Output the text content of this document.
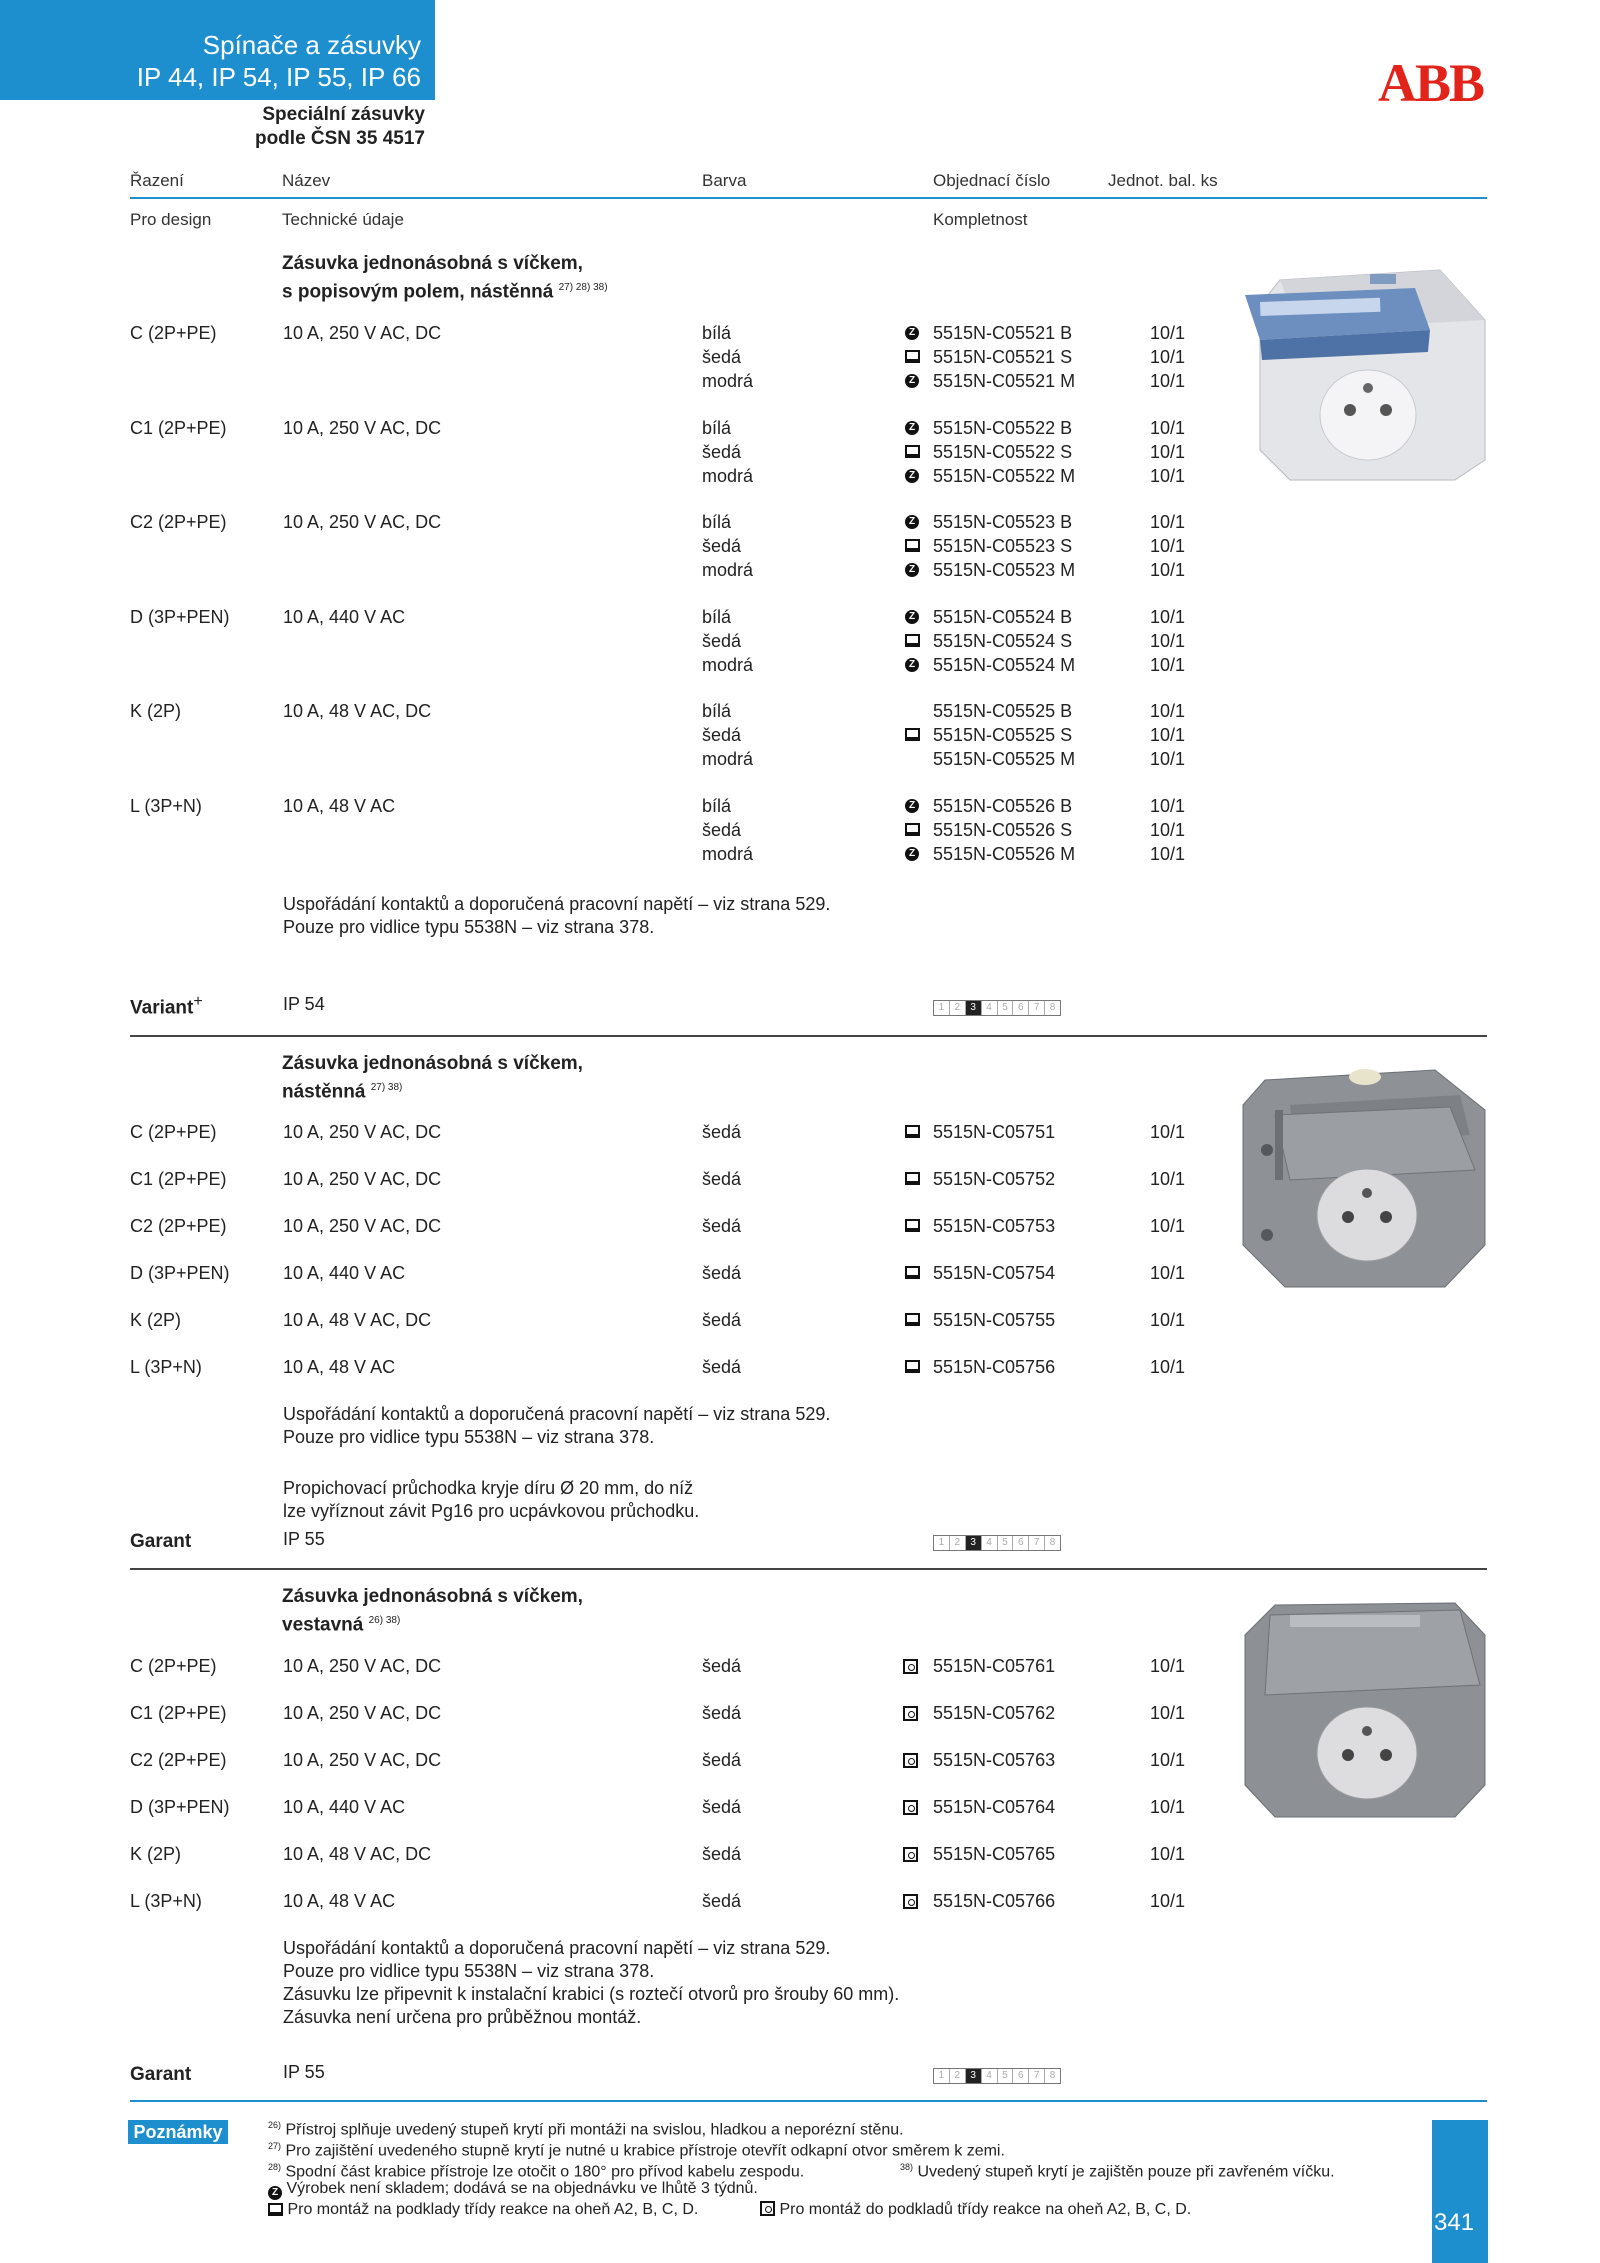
Spínače a zásuvky
IP 44, IP 54, IP 55, IP 66	ABB
Speciální zásuvky
podle ČSN 35 4517
Řazení	Název	Barva	Objednací číslo	Jednot. bal. ks
Pro design	Technické údaje	Kompletnost
Zásuvka jednonásobná s víčkem,
s popisovým polem, nástěnná $^{27) 28) 38)}$
C (2P+PE)	10 A, 250 V AC, DC	bílá	Z 5515N-C05521 B	10/1
šedá	5515N-C05521 S	10/1
modrá	Z 5515N-C05521 M	10/1
C1 (2P+PE)	10 A, 250 V AC, DC	bílá	Z 5515N-C05522 B	10/1
šedá	5515N-C05522 S	10/1
modrá	Z 5515N-C05522 M	10/1
C2 (2P+PE)	10 A, 250 V AC, DC	bílá	Z 5515N-C05523 B	10/1
šedá	5515N-C05523 S	10/1
modrá	Z 5515N-C05523 M	10/1
D (3P+PEN)	10 A, 440 V AC	bílá	Z 5515N-C05524 B	10/1
šedá	5515N-C05524 S	10/1
modrá	Z 5515N-C05524 M	10/1
K (2P)	10 A, 48 V AC, DC	bílá	5515N-C05525 B	10/1
šedá	5515N-C05525 S	10/1
modrá	5515N-C05525 M	10/1
L (3P+N)	10 A, 48 V AC	bílá	Z 5515N-C05526 B	10/1
šedá	5515N-C05526 S	10/1
modrá	Z 5515N-C05526 M	10/1
Uspořádání kontaktů a doporučená pracovní napětí – viz strana 529.
Pouze pro vidlice typu 5538N – viz strana 378.
Variant+	IP 54	1	2	3	4	5	6	7	8
Zásuvka jednonásobná s víčkem,
nástěnná $^{27) 38)}$
C (2P+PE)	10 A, 250 V AC, DC	šedá	5515N-C05751	10/1
C1 (2P+PE)	10 A, 250 V AC, DC	šedá	5515N-C05752	10/1
C2 (2P+PE)	10 A, 250 V AC, DC	šedá	5515N-C05753	10/1
D (3P+PEN)	10 A, 440 V AC	šedá	5515N-C05754	10/1
K (2P)	10 A, 48 V AC, DC	šedá	5515N-C05755	10/1
L (3P+N)	10 A, 48 V AC	šedá	5515N-C05756	10/1
Uspořádání kontaktů a doporučená pracovní napětí – viz strana 529.
Pouze pro vidlice typu 5538N – viz strana 378.
Propichovací průchodka kryje díru Ø 20 mm, do níž
lze vyříznout závit Pg16 pro ucpávkovou průchodku.
Garant	IP 55	1	2	3	4	5	6	7	8
Zásuvka jednonásobná s víčkem,
vestavná $^{26) 38)}$
C (2P+PE)	10 A, 250 V AC, DC	šedá	5515N-C05761	10/1
C1 (2P+PE)	10 A, 250 V AC, DC	šedá	5515N-C05762	10/1
C2 (2P+PE)	10 A, 250 V AC, DC	šedá	5515N-C05763	10/1
D (3P+PEN)	10 A, 440 V AC	šedá	5515N-C05764	10/1
K (2P)	10 A, 48 V AC, DC	šedá	5515N-C05765	10/1
L (3P+N)	10 A, 48 V AC	šedá	5515N-C05766	10/1
Uspořádání kontaktů a doporučená pracovní napětí – viz strana 529.
Pouze pro vidlice typu 5538N – viz strana 378.
Zásuvku lze připevnit k instalační krabici (s roztečí otvorů pro šrouby 60 mm).
Zásuvka není určena pro průběžnou montáž.
Garant	IP 55	1	2	3	4	5	6	7	8
Poznámky	$^{26)}$ Přístroj splňuje uvedený stupeň krytí při montáži na svislou, hladkou a neporézní stěnu.
$^{27)}$ Pro zajištění uvedeného stupně krytí je nutné u krabice přístroje otevřít odkapní otvor směrem k zemi.
$^{28)}$ Spodní část krabice přístroje lze otočit o 180° pro přívod kabelu zespodu.	$^{38)}$ Uvedený stupeň krytí je zajištěn pouze při zavřeném víčku.
Z Výrobek není skladem; dodává se na objednávku ve lhůtě 3 týdnů.
Pro montáž na podklady třídy reakce na oheň A2, B, C, D.	Pro montáž do podkladů třídy reakce na oheň A2, B, C, D.	341
